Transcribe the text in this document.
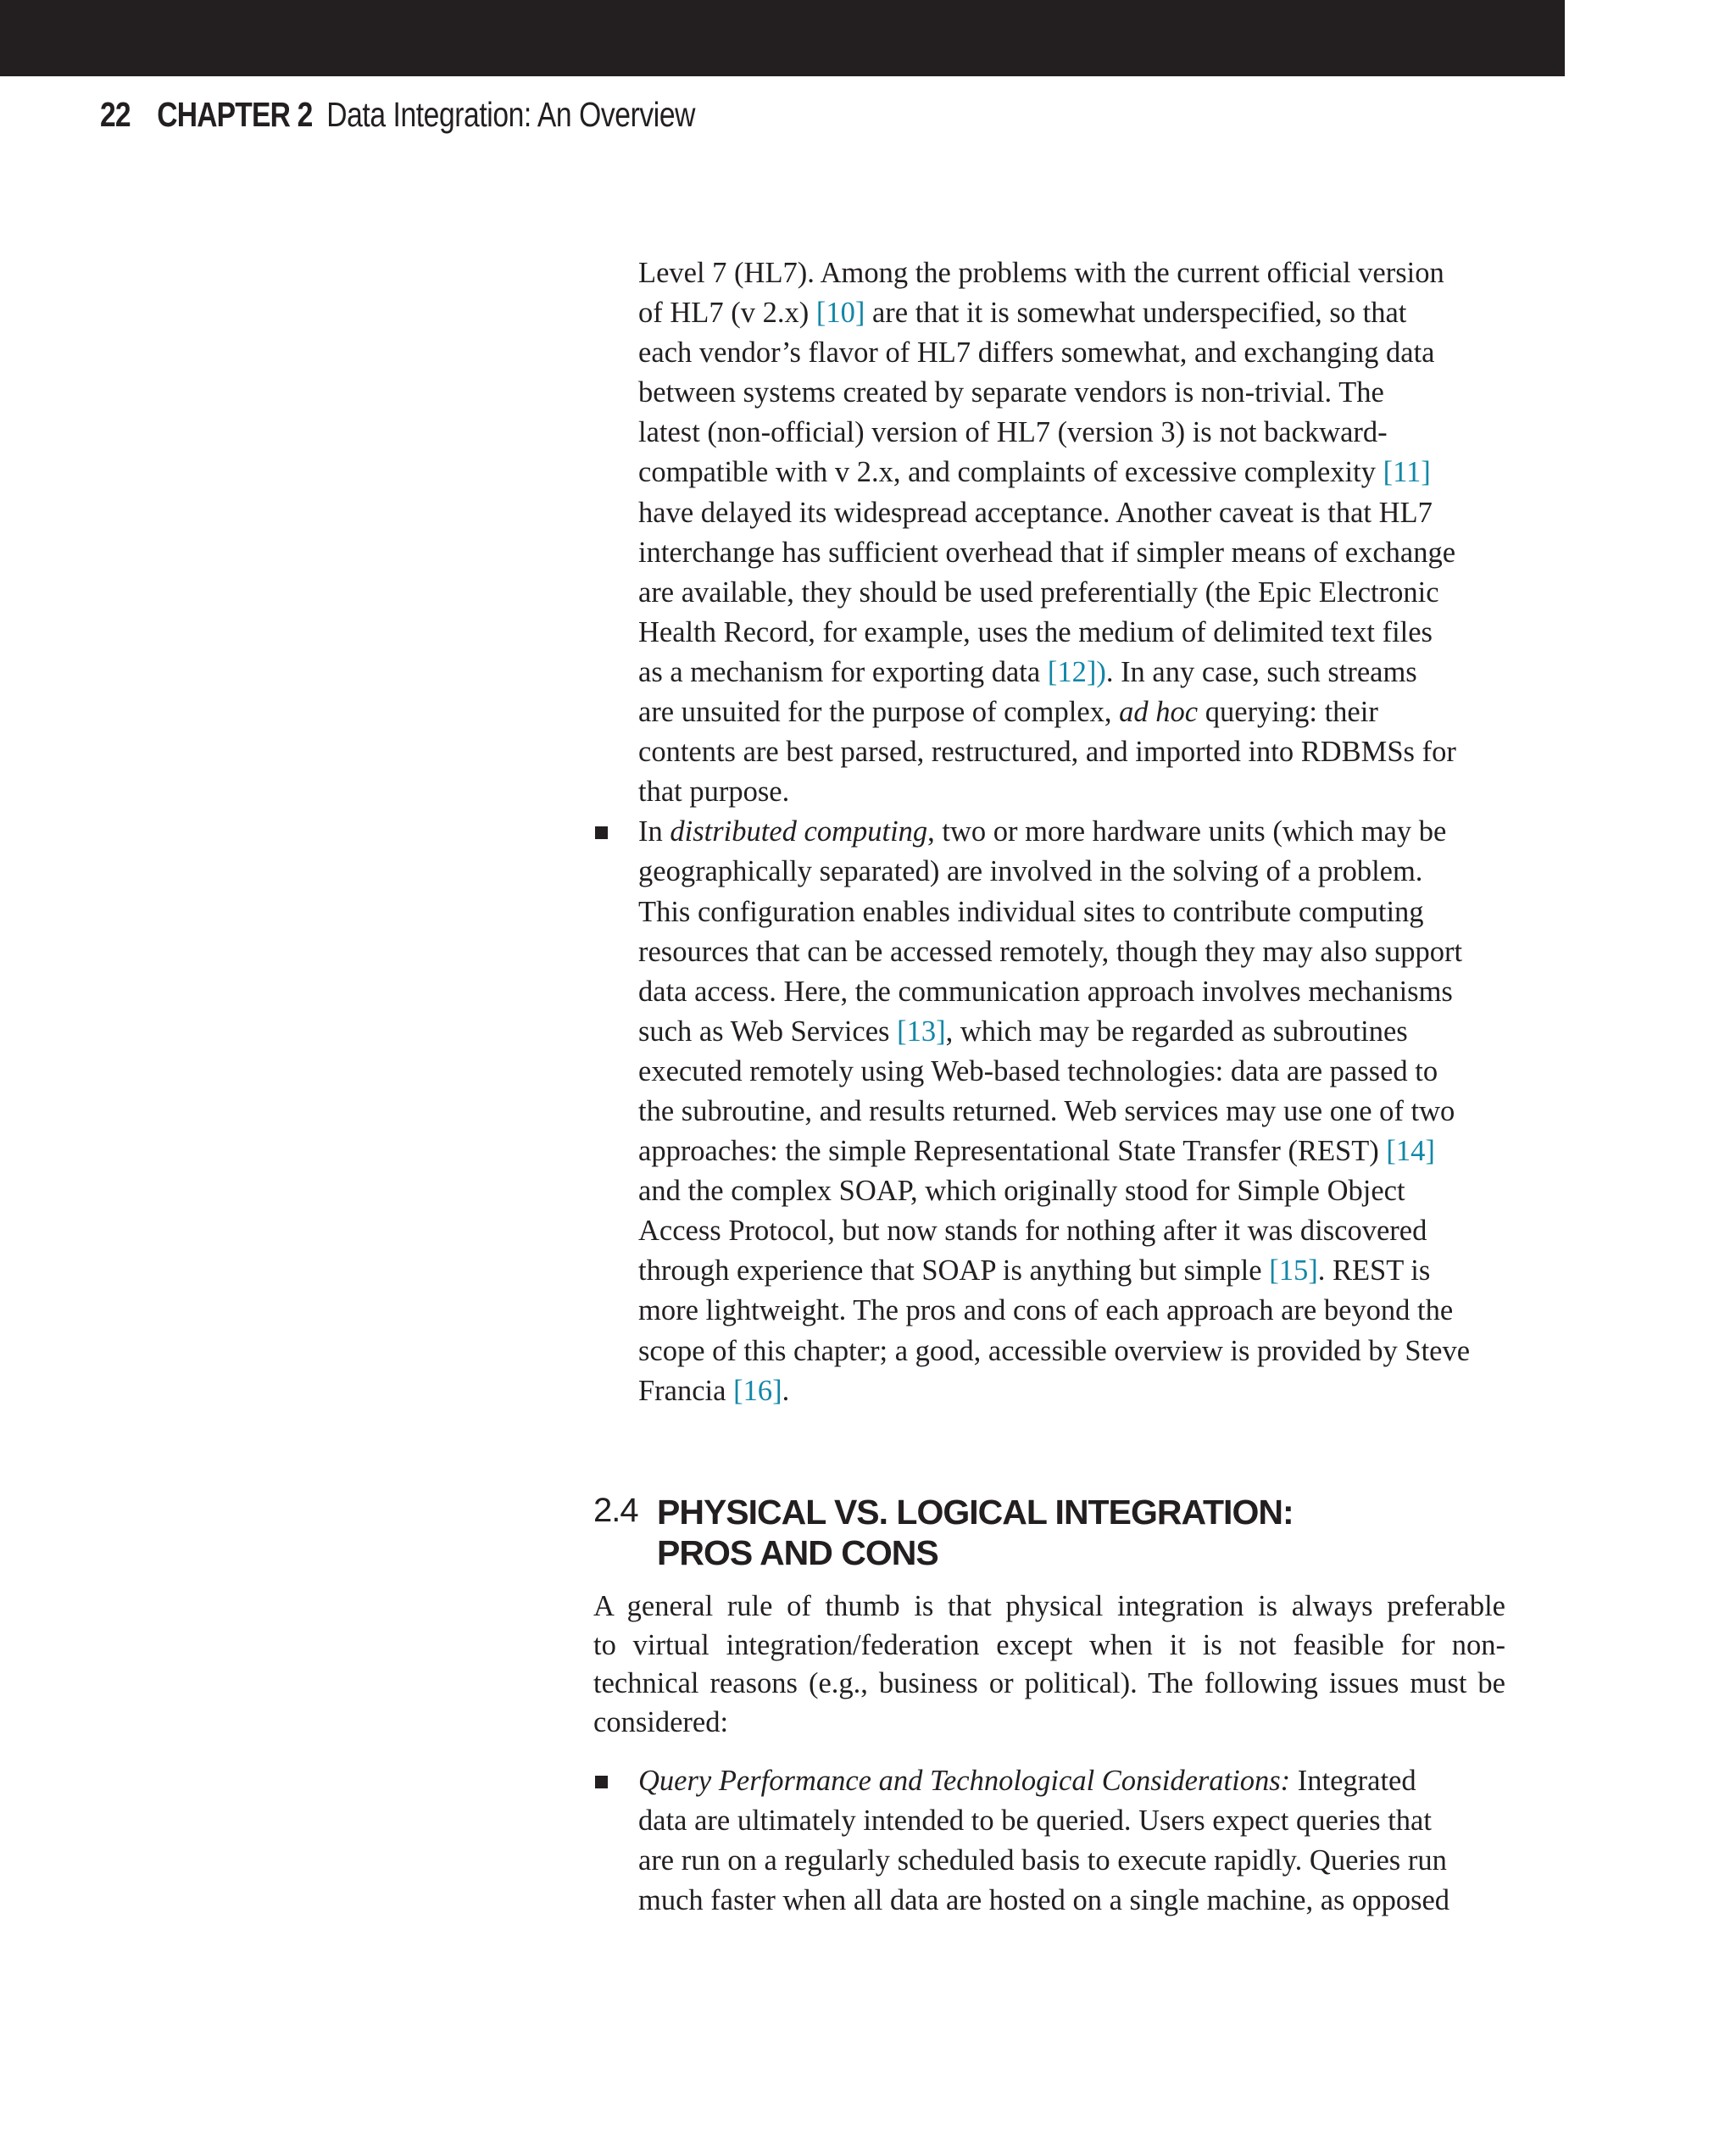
22 CHAPTER 2 Data Integration: An Overview
Level 7 (HL7). Among the problems with the current official version
of HL7 (v 2.x) [10] are that it is somewhat underspecified, so that
each vendor’s flavor of HL7 differs somewhat, and exchanging data
between systems created by separate vendors is non-trivial. The
latest (non-official) version of HL7 (version 3) is not backward-
compatible with v 2.x, and complaints of excessive complexity [11]
have delayed its widespread acceptance. Another caveat is that HL7
interchange has sufficient overhead that if simpler means of exchange
are available, they should be used preferentially (the Epic Electronic
Health Record, for example, uses the medium of delimited text files
as a mechanism for exporting data [12]). In any case, such streams
are unsuited for the purpose of complex, ad hoc querying: their
contents are best parsed, restructured, and imported into RDBMSs for
that purpose.
In distributed computing, two or more hardware units (which may be
geographically separated) are involved in the solving of a problem.
This configuration enables individual sites to contribute computing
resources that can be accessed remotely, though they may also support
data access. Here, the communication approach involves mechanisms
such as Web Services [13], which may be regarded as subroutines
executed remotely using Web-based technologies: data are passed to
the subroutine, and results returned. Web services may use one of two
approaches: the simple Representational State Transfer (REST) [14]
and the complex SOAP, which originally stood for Simple Object
Access Protocol, but now stands for nothing after it was discovered
through experience that SOAP is anything but simple [15]. REST is
more lightweight. The pros and cons of each approach are beyond the
scope of this chapter; a good, accessible overview is provided by Steve
Francia [16].
2.4 PHYSICAL VS. LOGICAL INTEGRATION:
PROS AND CONS
A general rule of thumb is that physical integration is always preferable
to virtual integration/federation except when it is not feasible for non-
technical reasons (e.g., business or political). The following issues must be
considered:
Query Performance and Technological Considerations: Integrated
data are ultimately intended to be queried. Users expect queries that
are run on a regularly scheduled basis to execute rapidly. Queries run
much faster when all data are hosted on a single machine, as opposed
